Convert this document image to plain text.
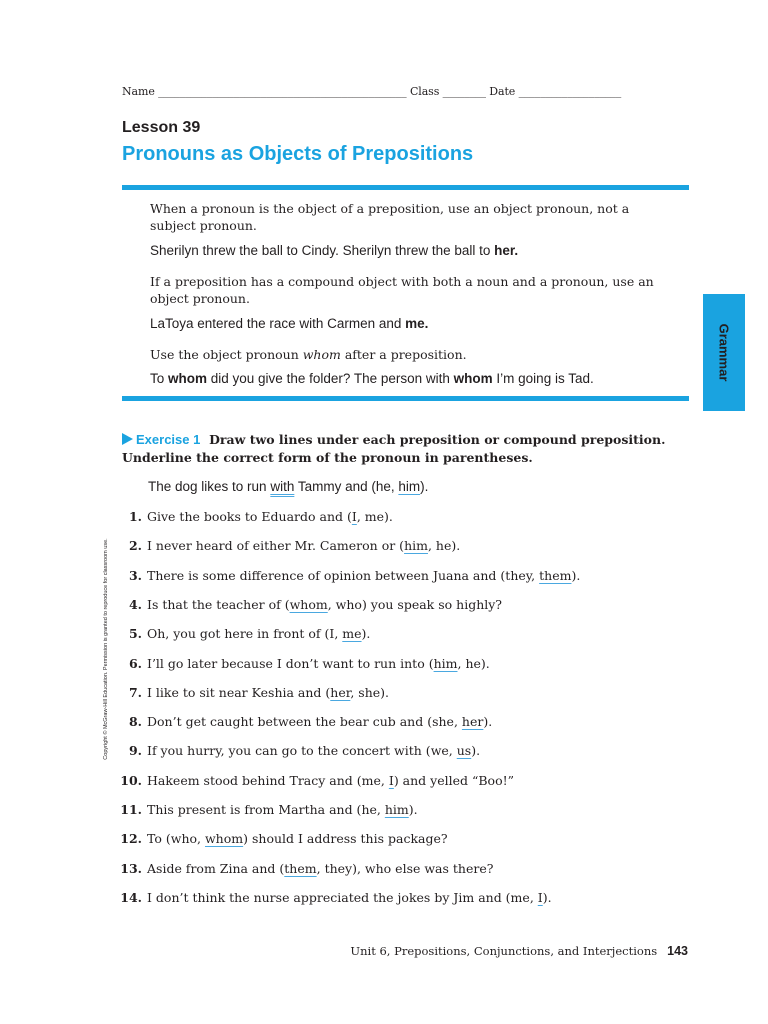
Name ______________________________________________ Class ________ Date ___________________
Lesson 39
Pronouns as Objects of Prepositions
When a pronoun is the object of a preposition, use an object pronoun, not a subject pronoun.
Sherilyn threw the ball to Cindy. Sherilyn threw the ball to her.
If a preposition has a compound object with both a noun and a pronoun, use an object pronoun.
LaToya entered the race with Carmen and me.
Use the object pronoun whom after a preposition.
To whom did you give the folder? The person with whom I’m going is Tad.	Grammar
Exercise 1 Draw two lines under each preposition or compound preposition. Underline the correct form of the pronoun in parentheses.
The dog likes to run with Tammy and (he, him).
1. Give the books to Eduardo and (I, me).
2. I never heard of either Mr. Cameron or (him, he).
3. There is some difference of opinion between Juana and (they, them).
4. Is that the teacher of (whom, who) you speak so highly?
5. Oh, you got here in front of (I, me).
6. I’ll go later because I don’t want to run into (him, he).
7. I like to sit near Keshia and (her, she).
8. Don’t get caught between the bear cub and (she, her).
9. If you hurry, you can go to the concert with (we, us).
10. Hakeem stood behind Tracy and (me, I) and yelled “Boo!”
11. This present is from Martha and (he, him).
12. To (who, whom) should I address this package?
13. Aside from Zina and (them, they), who else was there?
14. I don’t think the nurse appreciated the jokes by Jim and (me, I).
Copyright © McGraw-Hill Education. Permission is granted to reproduce for classroom use.
Unit 6, Prepositions, Conjunctions, and Interjections 143
